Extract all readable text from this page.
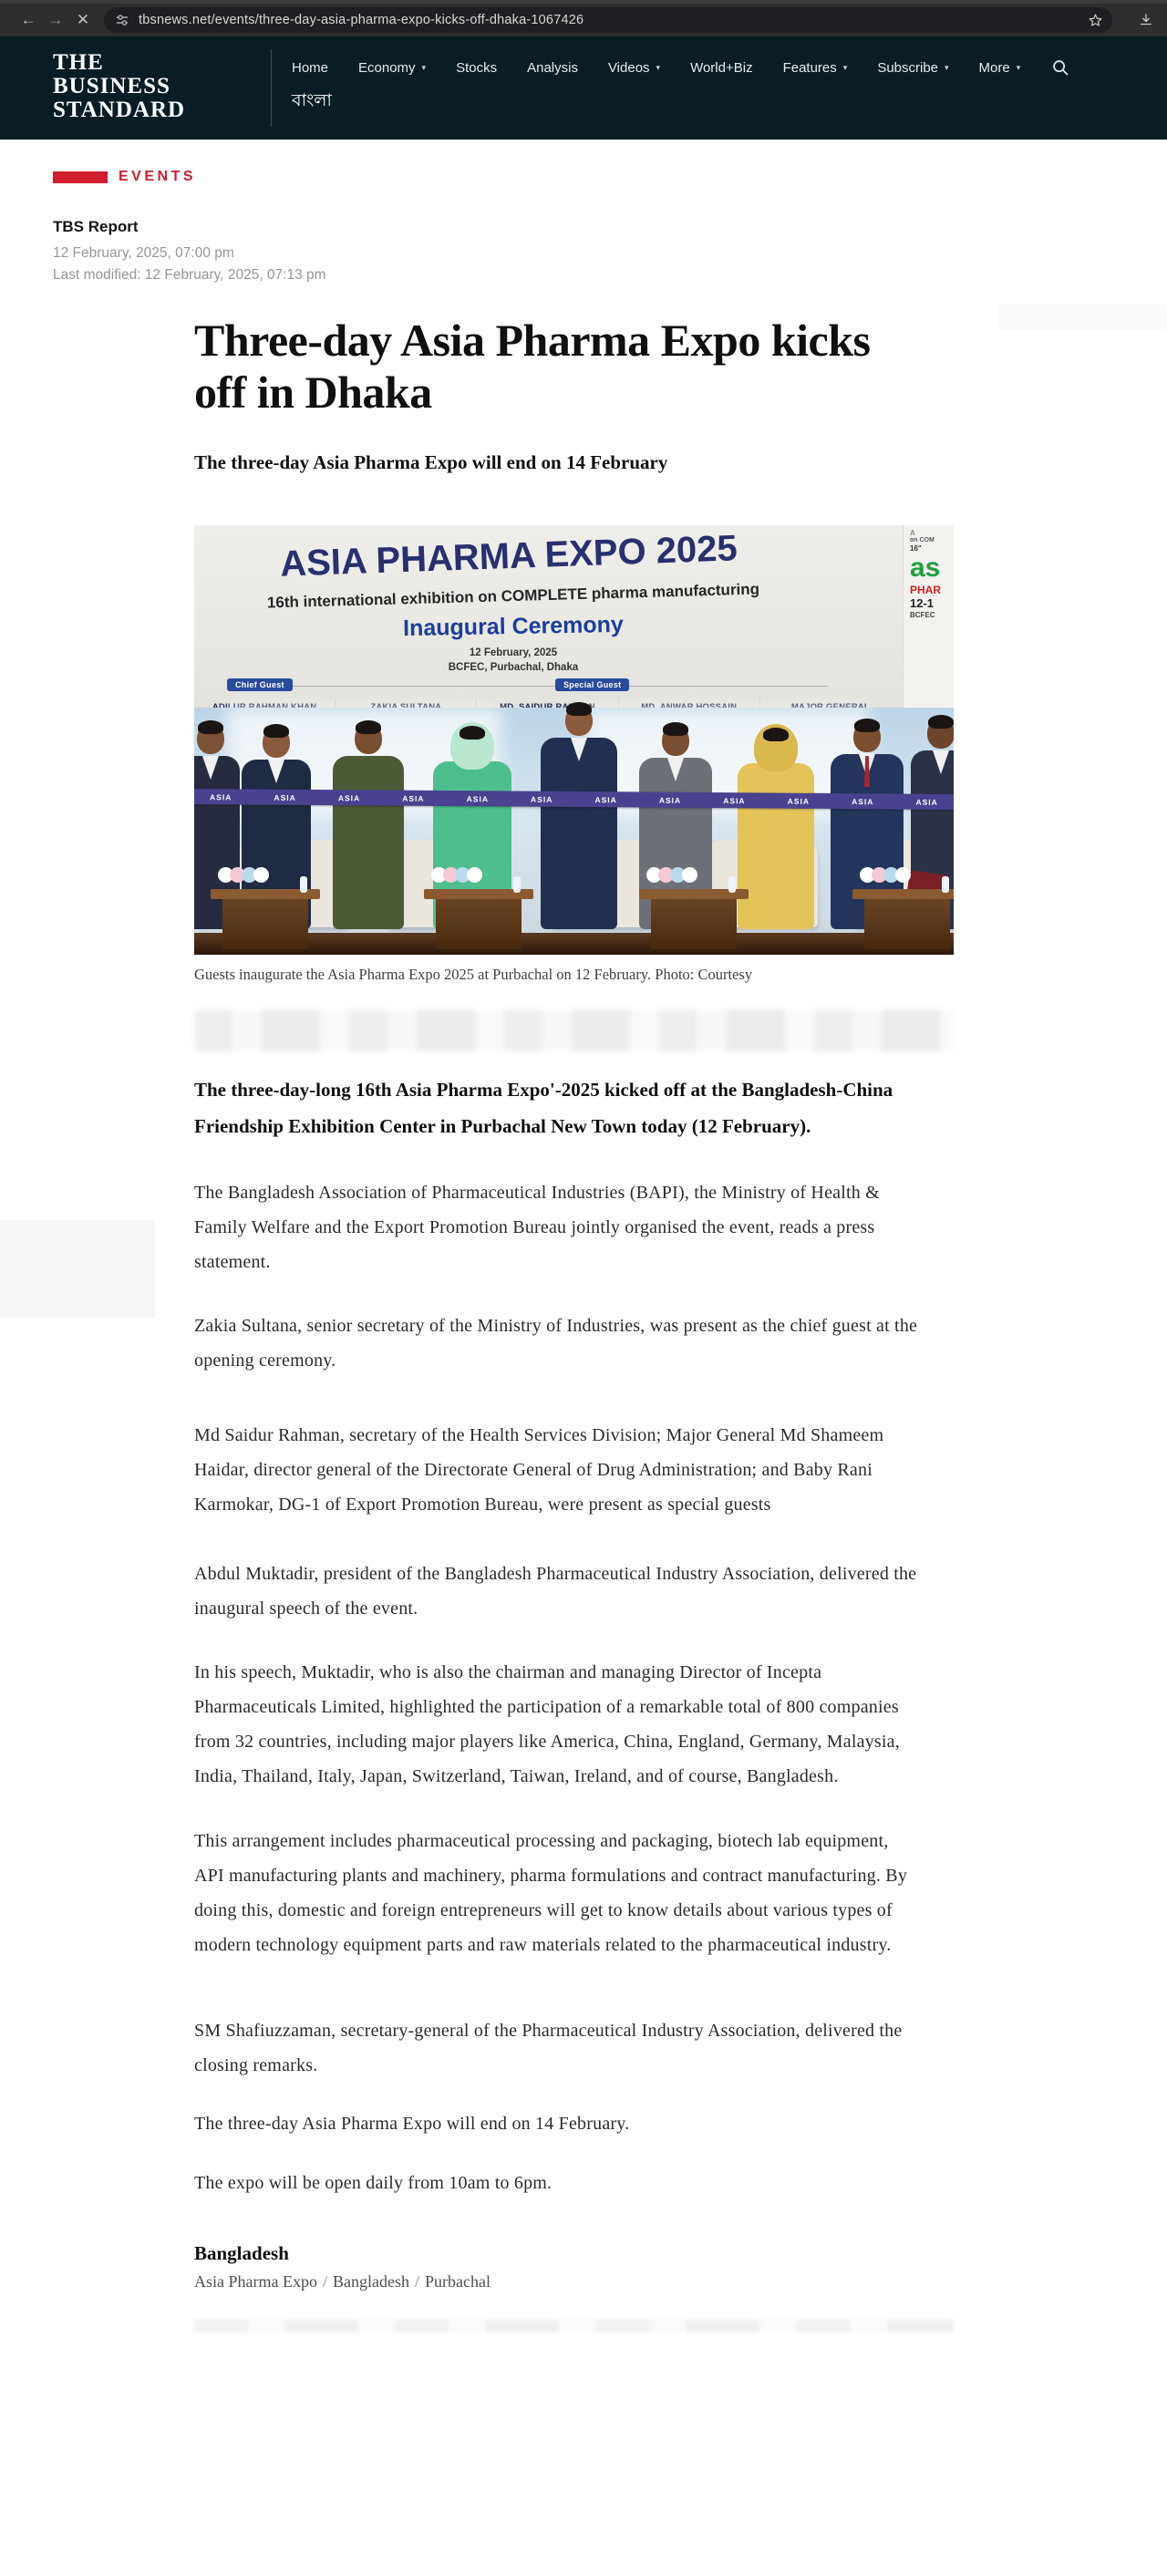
← → ✕	tbsnews.net/events/three-day-asia-pharma-expo-kicks-off-dhaka-1067426
THE
BUSINESS
STANDARD
Home Economy ▾ Stocks Analysis Videos ▾ World+Biz Features ▾ Subscribe ▾ More ▾
বাংলা
EVENTS
TBS Report
12 February, 2025, 07:00 pm
Last modified: 12 February, 2025, 07:13 pm
Three-day Asia Pharma Expo kicks off in Dhaka
The three-day Asia Pharma Expo will end on 14 February
ASIA PHARMA EXPO 2025
16th international exhibition on COMPLETE pharma manufacturing
Inaugural Ceremony
12 February, 2025
BCFEC, Purbachal, Dhaka
Chief Guest	Special Guest
A
on COM
16"
as
PHAR
12-1
BCFEC
ASIA	ASIA	ASIA	ASIA	ASIA	ASIA	ASIA	ASIA	ASIA	ASIA	ASIA	ASIA
Guests inaugurate the Asia Pharma Expo 2025 at Purbachal on 12 February. Photo: Courtesy
The three-day-long 16th Asia Pharma Expo'-2025 kicked off at the Bangladesh-China Friendship Exhibition Center in Purbachal New Town today (12 February).

The Bangladesh Association of Pharmaceutical Industries (BAPI), the Ministry of Health & Family Welfare and the Export Promotion Bureau jointly organised the event, reads a press statement.

Zakia Sultana, senior secretary of the Ministry of Industries, was present as the chief guest at the opening ceremony.

Md Saidur Rahman, secretary of the Health Services Division; Major General Md Shameem Haidar, director general of the Directorate General of Drug Administration; and Baby Rani Karmokar, DG-1 of Export Promotion Bureau, were present as special guests

Abdul Muktadir, president of the Bangladesh Pharmaceutical Industry Association, delivered the inaugural speech of the event.

In his speech, Muktadir, who is also the chairman and managing Director of Incepta Pharmaceuticals Limited, highlighted the participation of a remarkable total of 800 companies from 32 countries, including major players like America, China, England, Germany, Malaysia, India, Thailand, Italy, Japan, Switzerland, Taiwan, Ireland, and of course, Bangladesh.

This arrangement includes pharmaceutical processing and packaging, biotech lab equipment, API manufacturing plants and machinery, pharma formulations and contract manufacturing. By doing this, domestic and foreign entrepreneurs will get to know details about various types of modern technology equipment parts and raw materials related to the pharmaceutical industry.

SM Shafiuzzaman, secretary-general of the Pharmaceutical Industry Association, delivered the closing remarks.

The three-day Asia Pharma Expo will end on 14 February.

The expo will be open daily from 10am to 6pm.

Bangladesh
Asia Pharma Expo / Bangladesh / Purbachal
